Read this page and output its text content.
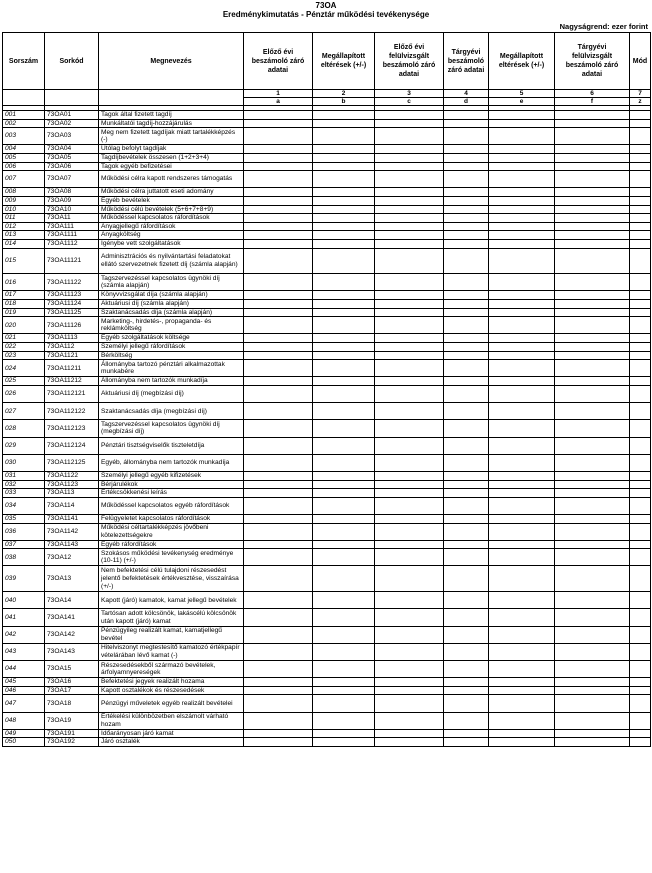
73OA
Eredménykimutatás - Pénztár működési tevékenysége
Nagyságrend: ezer forint
Sorszám	Sorkód	Megnevezés	Előző évi beszámoló záró adatai	Megállapított eltérések (+/-)	Előző évi felülvizsgált beszámoló záró adatai	Tárgyévi beszámoló záró adatai	Megállapított eltérések (+/-)	Tárgyévi felülvizsgált beszámoló záró adatai	Mód
			1	2	3	4	5	6	7
			a	b	c	d	e	f	z

001	73OA01	Tagok által fizetett tagdíj							
002	73OA02	Munkáltatói tagdíj-hozzájárulás							
003	73OA03	Meg nem fizetett tagdíjak miatt tartalékképzés (-)							
004	73OA04	Utólag befolyt tagdíjak							
005	73OA05	Tagdíjbevételek összesen (1+2+3+4)							
006	73OA06	Tagok egyéb befizetései							
007	73OA07	Működési célra kapott rendszeres támogatás							
008	73OA08	Működési célra juttatott eseti adomány							
009	73OA09	Egyéb bevételek							
010	73OA10	Működési célú bevételek (5+6+7+8+9)							
011	73OA11	Működéssel kapcsolatos ráfordítások							
012	73OA111	Anyagjellegű ráfordítások							
013	73OA1111	Anyagköltség							
014	73OA1112	Igénybe vett szolgáltatások							
015	73OA11121	Adminisztrációs és nyilvántartási feladatokat ellátó szervezetnek fizetett díj (számla alapján)							
016	73OA11122	Tagszervezéssel kapcsolatos ügynöki díj (számla alapján)							
017	73OA11123	Könyvvizsgálat díja (számla alapján)							
018	73OA11124	Aktuáriusi díj (számla alapján)							
019	73OA11125	Szaktanácsadás díja (számla alapján)							
020	73OA11126	Marketing-, hirdetés-, propaganda- és reklámköltség							
021	73OA1113	Egyéb szolgáltatások költsége							
022	73OA112	Személyi jellegű ráfordítások							
023	73OA1121	Bérköltség							
024	73OA11211	Állományba tartozó pénztári alkalmazottak munkabére							
025	73OA11212	Állományba nem tartozók munkadíja							
026	73OA112121	Aktuáriusi díj (megbízási díj)							
027	73OA112122	Szaktanácsadás díja (megbízási díj)							
028	73OA112123	Tagszervezéssel kapcsolatos ügynöki díj (megbízási díj)							
029	73OA112124	Pénztári tisztségviselők tiszteletdíja							
030	73OA112125	Egyéb, állományba nem tartozók munkadíja							
031	73OA1122	Személyi jellegű egyéb kifizetések							
032	73OA1123	Bérjárulékok							
033	73OA113	Értékcsökkenési leírás							
034	73OA114	Működéssel kapcsolatos egyéb ráfordítások							
035	73OA1141	Felügyeletet kapcsolatos ráfordítások							
036	73OA1142	Működési céltartalékképzés jövőbeni kötelezettségekre							
037	73OA1143	Egyéb ráfordítások							
038	73OA12	Szokásos működési tevékenység eredménye (10-11) (+/-)							
039	73OA13	Nem befektetési célú tulajdoni részesedést jelentő befektetések értékvesztése, visszaírása (+/-)							
040	73OA14	Kapott (járó) kamatok, kamat jellegű bevételek							
041	73OA141	Tartósan adott kölcsönök, lakáscélú kölcsönök után kapott (járó) kamat							
042	73OA142	Pénzügyileg realizált kamat, kamatjellegű bevétel							
043	73OA143	Hitelviszonyt megtestesítő kamatozó értékpapír vételárában lévő kamat (-)							
044	73OA15	Részesedésekből származó bevételek, árfolyamnyereségek							
045	73OA16	Befektetési jegyek realizált hozama							
046	73OA17	Kapott osztalékok és részesedések							
047	73OA18	Pénzügyi műveletek egyéb realizált bevételei							
048	73OA19	Értékelési különbözetben elszámolt várható hozam							
049	73OA191	Időarányosan járó kamat							
050	73OA192	Járó osztalék							
